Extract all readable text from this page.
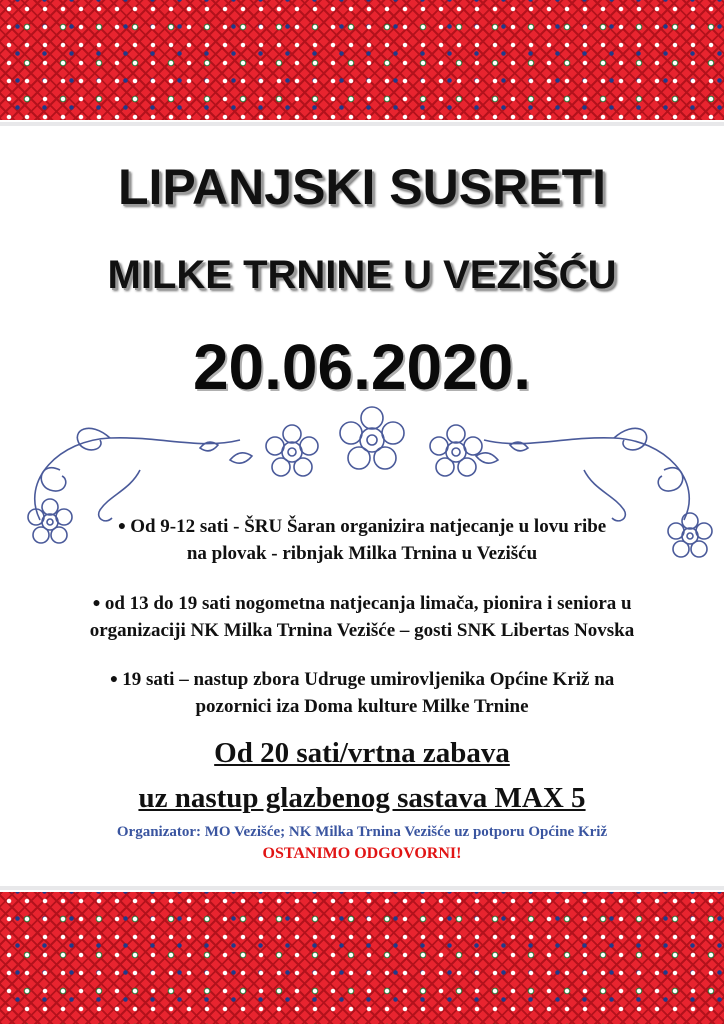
LIPANJSKI SUSRETI
MILKE TRNINE U VEZIŠĆU
20.06.2020.
● Od 9-12 sati - ŠRU Šaran organizira natjecanje u lovu ribe
na plovak - ribnjak Milka Trnina u Vezišću
● od 13 do 19 sati nogometna natjecanja limača, pionira i seniora u
organizaciji NK Milka Trnina Vezišće – gosti SNK Libertas Novska
● 19 sati – nastup zbora Udruge umirovljenika Općine Križ na
pozornici iza Doma kulture Milke Trnine
Od 20 sati/vrtna zabava
uz nastup glazbenog sastava MAX 5
Organizator: MO Vezišće; NK Milka Trnina Vezišće uz potporu Općine Križ
OSTANIMO ODGOVORNI!
